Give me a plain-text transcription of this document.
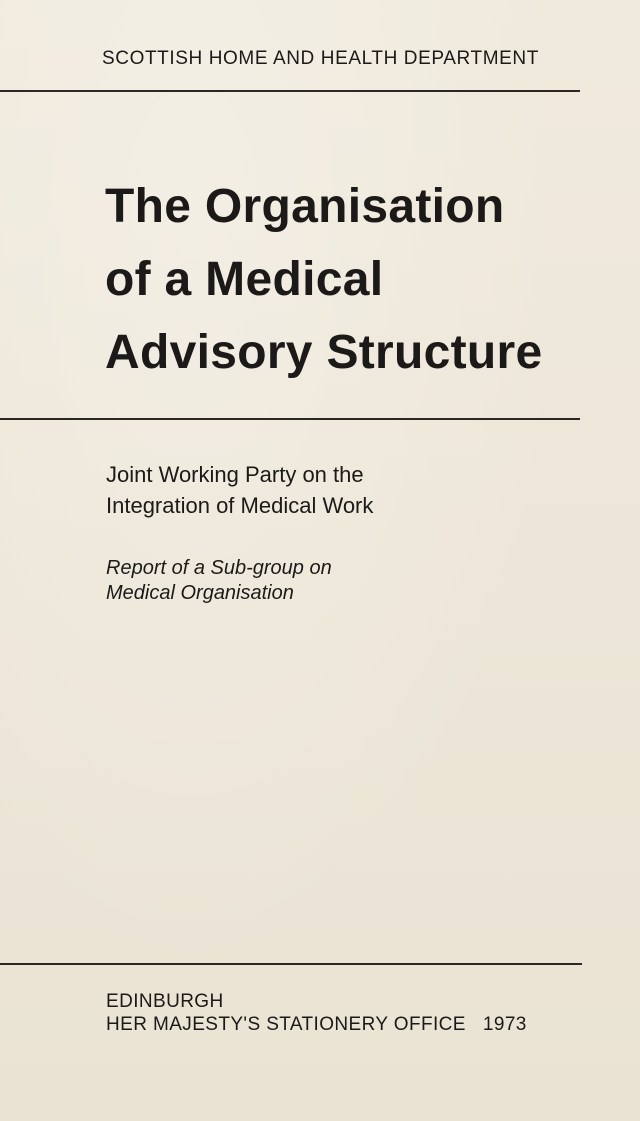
SCOTTISH HOME AND HEALTH DEPARTMENT
The Organisation
of a Medical
Advisory Structure
Joint Working Party on the
Integration of Medical Work
Report of a Sub-group on
Medical Organisation
EDINBURGH
HER MAJESTY'S STATIONERY OFFICE 1973
